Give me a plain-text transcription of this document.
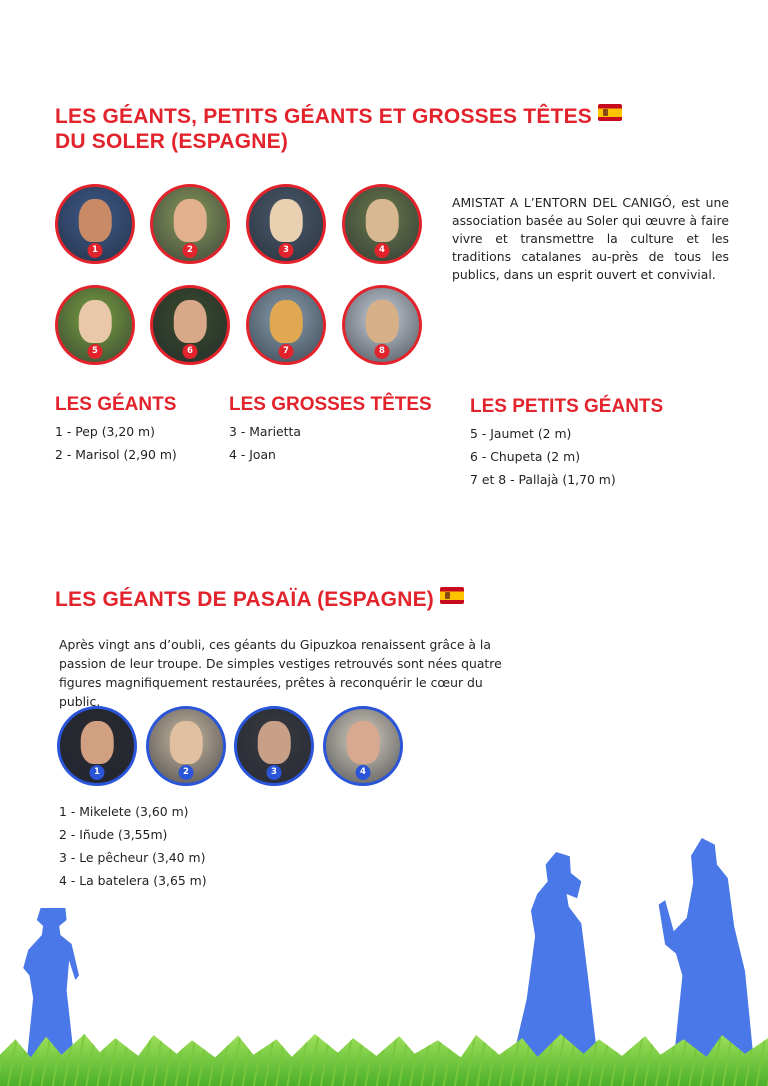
LES GÉANTS, PETITS GÉANTS ET GROSSES TÊTES
DU SOLER (ESPAGNE)
1	2	3	4
5	6	7	8

AMISTAT A L’ENTORN DEL CANIGÓ, est une association basée au Soler qui œuvre à faire vivre et transmettre la culture et les traditions catalanes au-près de tous les publics, dans un esprit ouvert et convivial.

LES GÉANTS
1 - Pep (3,20 m)
2 - Marisol (2,90 m)
LES GROSSES TÊTES
3 - Marietta
4 - Joan
LES PETITS GÉANTS
5 - Jaumet (2 m)
6 - Chupeta (2 m)
7 et 8 - Pallajà (1,70 m)
LES GÉANTS DE PASAÏA (ESPAGNE)

Après vingt ans d’oubli, ces géants du Gipuzkoa renaissent grâce à la passion de leur troupe. De simples vestiges retrouvés sont nées quatre figures magnifiquement restaurées, prêtes à reconquérir le cœur du public.

1	2	3	4
1 - Mikelete (3,60 m)
2 - Iñude (3,55m)
3 - Le pêcheur (3,40 m)
4 - La batelera (3,65 m)
